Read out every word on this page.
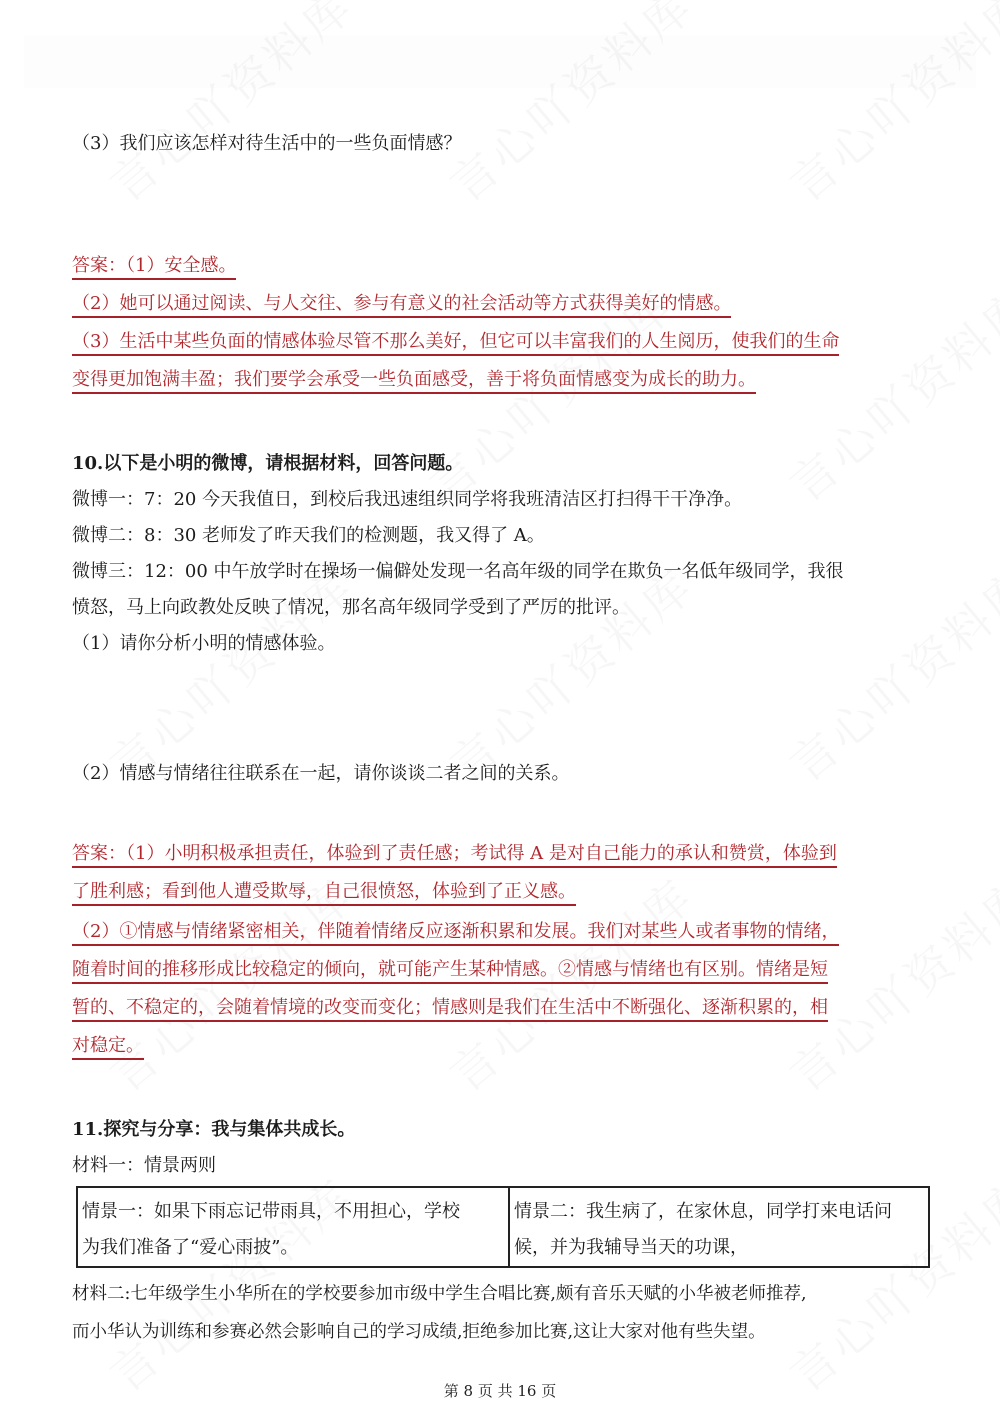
（3）我们应该怎样对待生活中的一些负面情感？
答案：（1）安全感。
（2）她可以通过阅读、与人交往、参与有意义的社会活动等方式获得美好的情感。
（3）生活中某些负面的情感体验尽管不那么美好，但它可以丰富我们的人生阅历，使我们的生命
变得更加饱满丰盈；我们要学会承受一些负面感受，善于将负面情感变为成长的助力。
10.以下是小明的微博，请根据材料，回答问题。
微博一：7：20 今天我值日，到校后我迅速组织同学将我班清洁区打扫得干干净净。
微博二：8：30 老师发了昨天我们的检测题，我又得了 A。
微博三：12：00 中午放学时在操场一偏僻处发现一名高年级的同学在欺负一名低年级同学，我很
愤怒，马上向政教处反映了情况，那名高年级同学受到了严厉的批评。
（1）请你分析小明的情感体验。
（2）情感与情绪往往联系在一起，请你谈谈二者之间的关系。
答案：（1）小明积极承担责任，体验到了责任感；考试得 A 是对自己能力的承认和赞赏，体验到
了胜利感；看到他人遭受欺辱，自己很愤怒，体验到了正义感。
（2）①情感与情绪紧密相关，伴随着情绪反应逐渐积累和发展。我们对某些人或者事物的情绪，
随着时间的推移形成比较稳定的倾向，就可能产生某种情感。②情感与情绪也有区别。情绪是短
暂的、不稳定的，会随着情境的改变而变化；情感则是我们在生活中不断强化、逐渐积累的，相
对稳定。
11.探究与分享：我与集体共成长。
材料一：情景两则
情景一：如果下雨忘记带雨具，不用担心，学校
为我们准备了“爱心雨披”。
情景二：我生病了，在家休息，同学打来电话问
候，并为我辅导当天的功课，
材料二:七年级学生小华所在的学校要参加市级中学生合唱比赛,颇有音乐天赋的小华被老师推荐,
而小华认为训练和参赛必然会影响自己的学习成绩,拒绝参加比赛,这让大家对他有些失望。
第 8 页 共 16 页
